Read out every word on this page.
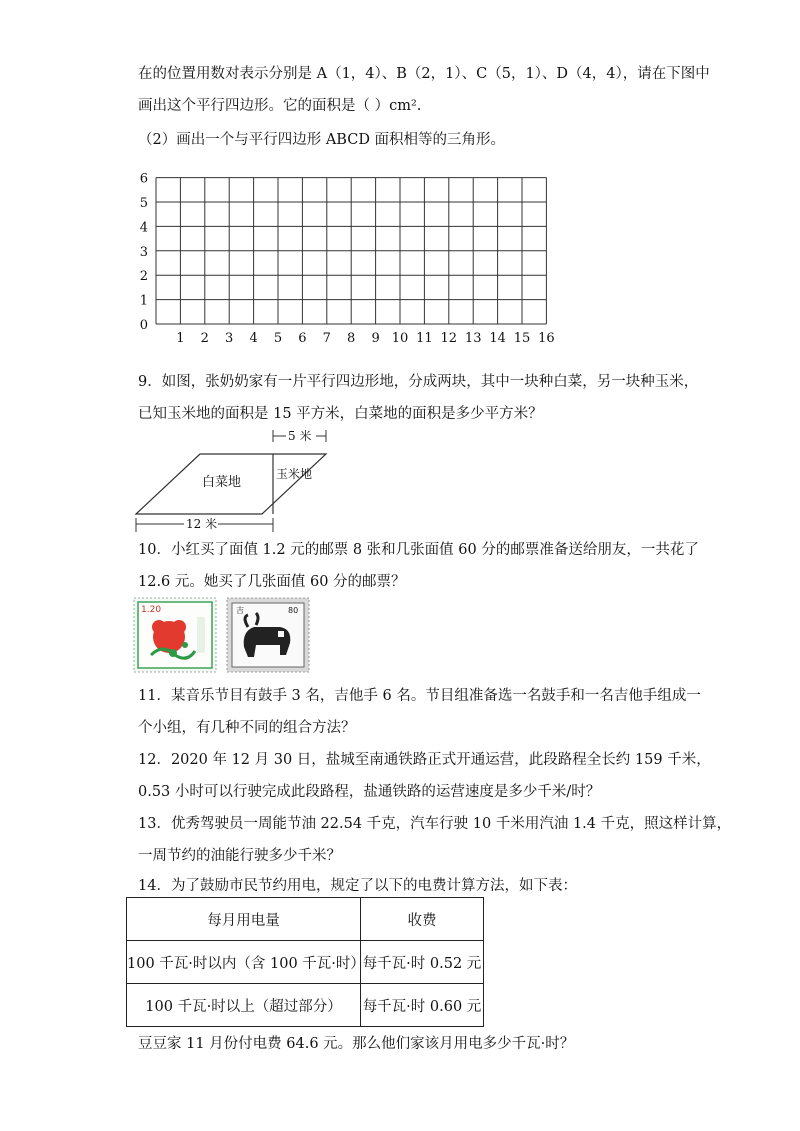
在的位置用数对表示分别是 A（1，4）、B（2，1）、C（5，1）、D（4，4），请在下图中
画出这个平行四边形。它的面积是（ ）cm².
（2）画出一个与平行四边形 ABCD 面积相等的三角形。
1 2 3 4 5 6 7 8 9 10 11 12 13 14 15 16
0
1
2
3
4
5
6
9．如图，张奶奶家有一片平行四边形地，分成两块，其中一块种白菜，另一块种玉米，
已知玉米地的面积是 15 平方米，白菜地的面积是多少平方米？
5 米
玉米地
白菜地
12 米
10．小红买了面值 1.2 元的邮票 8 张和几张面值 60 分的邮票准备送给朋友，一共花了
12.6 元。她买了几张面值 60 分的邮票？
1.20	吉	80
11．某音乐节目有鼓手 3 名，吉他手 6 名。节目组准备选一名鼓手和一名吉他手组成一
个小组，有几种不同的组合方法？
12．2020 年 12 月 30 日，盐城至南通铁路正式开通运营，此段路程全长约 159 千米，
0.53 小时可以行驶完成此段路程，盐通铁路的运营速度是多少千米/时？
13．优秀驾驶员一周能节油 22.54 千克，汽车行驶 10 千米用汽油 1.4 千克，照这样计算，
一周节约的油能行驶多少千米？
14．为了鼓励市民节约用电，规定了以下的电费计算方法，如下表：
每月用电量	收费
100 千瓦·时以内（含 100 千瓦·时）	每千瓦·时 0.52 元
100 千瓦·时以上（超过部分）	每千瓦·时 0.60 元
豆豆家 11 月份付电费 64.6 元。那么他们家该月用电多少千瓦·时？
